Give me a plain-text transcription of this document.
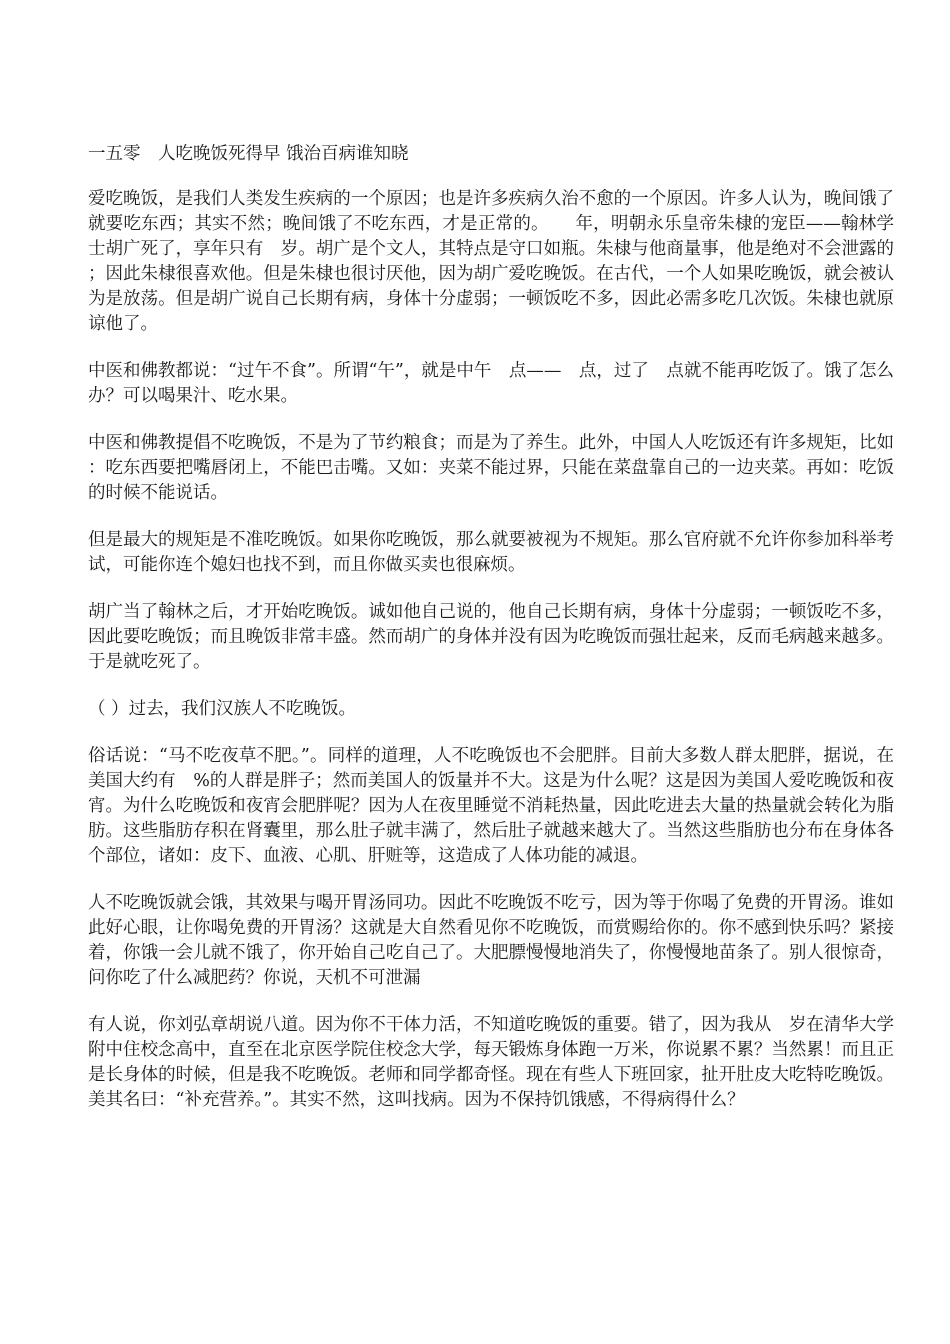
一五零　人吃晚饭死得早 饿治百病谁知晓

爱吃晚饭，是我们人类发生疾病的一个原因；也是许多疾病久治不愈的一个原因。许多人认为，晚间饿了就要吃东西；其实不然；晚间饿了不吃东西，才是正常的。　　年，明朝永乐皇帝朱棣的宠臣——翰林学士胡广死了，享年只有　岁。胡广是个文人，其特点是守口如瓶。朱棣与他商量事，他是绝对不会泄露的；因此朱棣很喜欢他。但是朱棣也很讨厌他，因为胡广爱吃晚饭。在古代，一个人如果吃晚饭，就会被认为是放荡。但是胡广说自己长期有病，身体十分虚弱；一顿饭吃不多，因此必需多吃几次饭。朱棣也就原谅他了。

中医和佛教都说：“过午不食”。所谓“午”，就是中午　点——　点，过了　点就不能再吃饭了。饿了怎么办？可以喝果汁、吃水果。

中医和佛教提倡不吃晚饭，不是为了节约粮食；而是为了养生。此外，中国人人吃饭还有许多规矩，比如：吃东西要把嘴唇闭上，不能巴击嘴。又如：夹菜不能过界，只能在菜盘靠自己的一边夹菜。再如：吃饭的时候不能说话。

但是最大的规矩是不准吃晚饭。如果你吃晚饭，那么就要被视为不规矩。那么官府就不允许你参加科举考试，可能你连个媳妇也找不到，而且你做买卖也很麻烦。

胡广当了翰林之后，才开始吃晚饭。诚如他自己说的，他自己长期有病，身体十分虚弱；一顿饭吃不多，因此要吃晚饭；而且晚饭非常丰盛。然而胡广的身体并没有因为吃晚饭而强壮起来，反而毛病越来越多。于是就吃死了。

（ ）过去，我们汉族人不吃晚饭。

俗话说：“马不吃夜草不肥。”。同样的道理，人不吃晚饭也不会肥胖。目前大多数人群太肥胖，据说，在美国大约有　%的人群是胖子；然而美国人的饭量并不大。这是为什么呢？这是因为美国人爱吃晚饭和夜宵。为什么吃晚饭和夜宵会肥胖呢？因为人在夜里睡觉不消耗热量，因此吃进去大量的热量就会转化为脂肪。这些脂肪存积在肾囊里，那么肚子就丰满了，然后肚子就越来越大了。当然这些脂肪也分布在身体各个部位，诸如：皮下、血液、心肌、肝赃等，这造成了人体功能的减退。

人不吃晚饭就会饿，其效果与喝开胃汤同功。因此不吃晚饭不吃亏，因为等于你喝了免费的开胃汤。谁如此好心眼，让你喝免费的开胃汤？这就是大自然看见你不吃晚饭，而赏赐给你的。你不感到快乐吗？紧接着，你饿一会儿就不饿了，你开始自己吃自己了。大肥膘慢慢地消失了，你慢慢地苗条了。别人很惊奇，问你吃了什么减肥药？你说，天机不可泄漏

有人说，你刘弘章胡说八道。因为你不干体力活，不知道吃晚饭的重要。错了，因为我从　岁在清华大学附中住校念高中，直至在北京医学院住校念大学，每天锻炼身体跑一万米，你说累不累？当然累！而且正是长身体的时候，但是我不吃晚饭。老师和同学都奇怪。现在有些人下班回家，扯开肚皮大吃特吃晚饭。美其名曰：“补充营养。”。其实不然，这叫找病。因为不保持饥饿感，不得病得什么？
